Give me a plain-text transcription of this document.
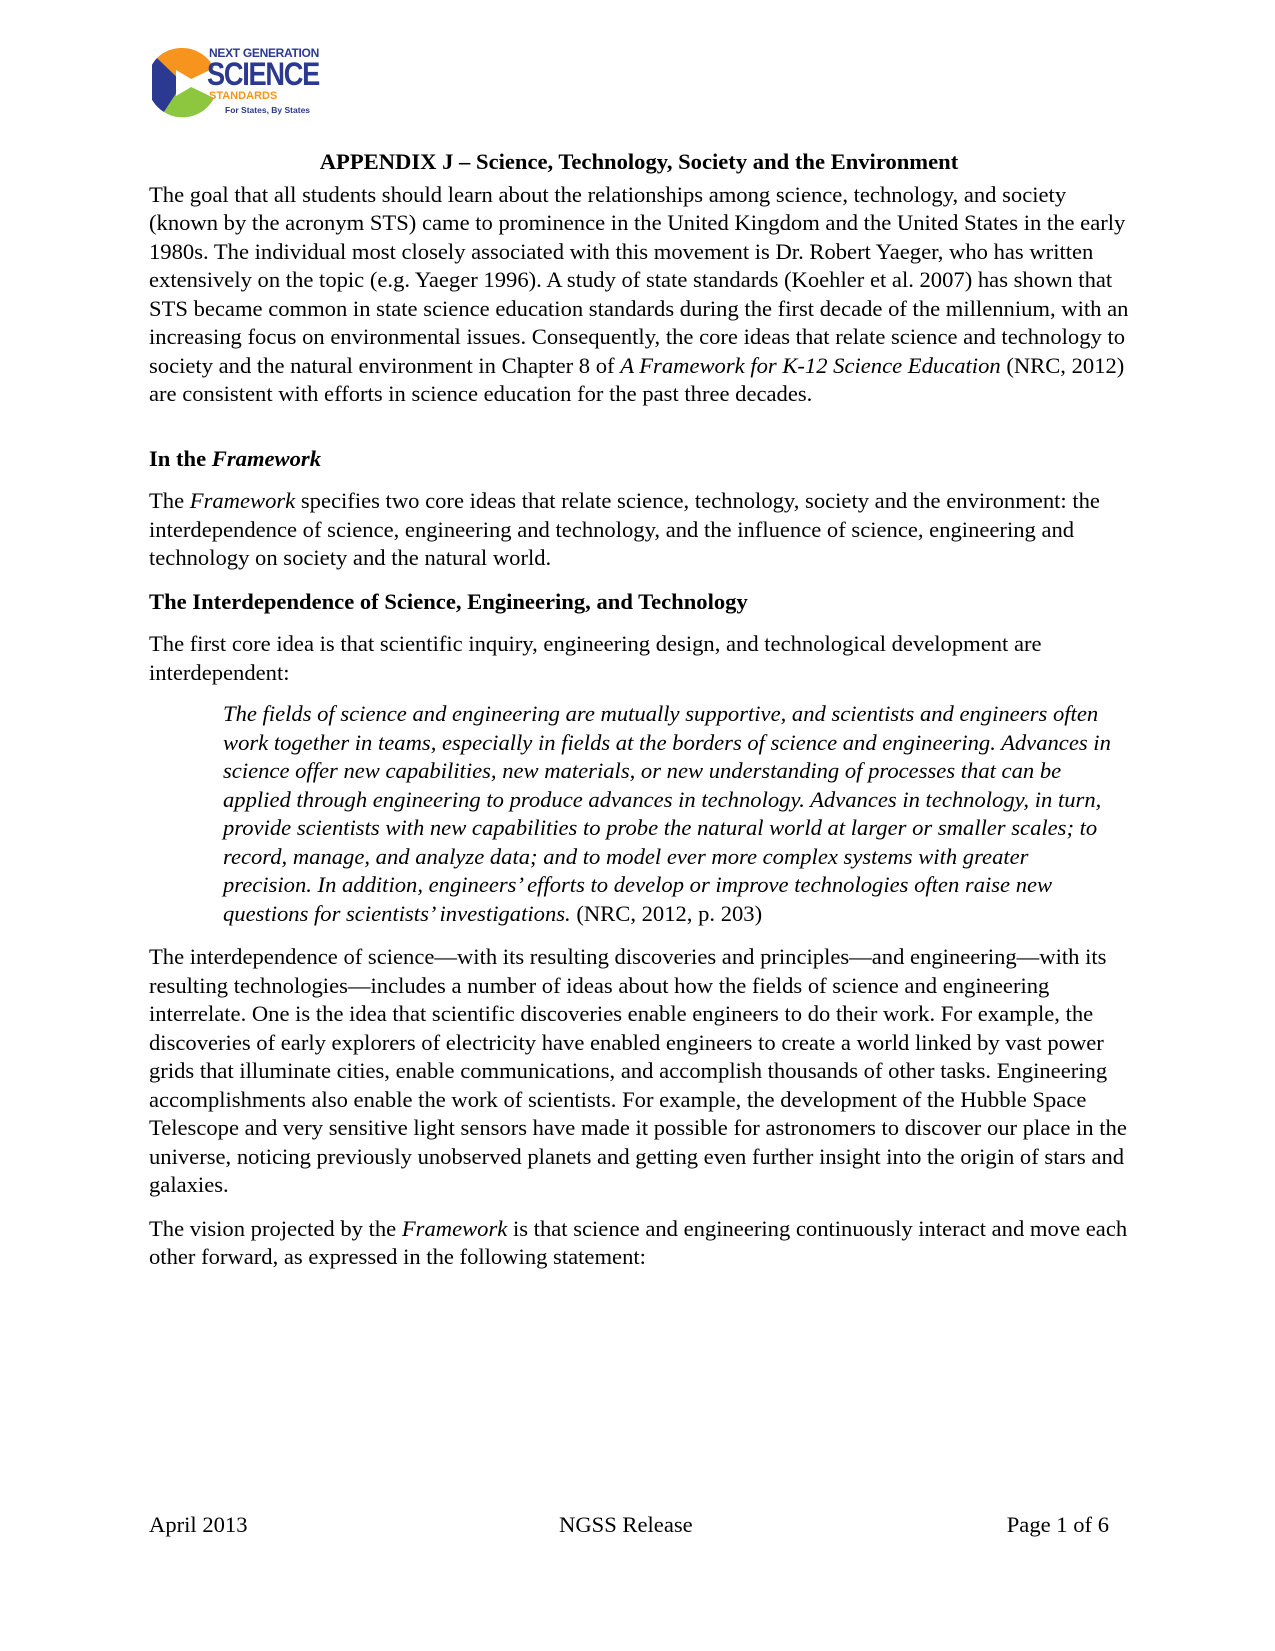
NEXT GENERATION
SCIENCE
STANDARDS
For States, By States

APPENDIX J – Science, Technology, Society and the Environment

The goal that all students should learn about the relationships among science, technology, and society (known by the acronym STS) came to prominence in the United Kingdom and the United States in the early 1980s. The individual most closely associated with this movement is Dr. Robert Yaeger, who has written extensively on the topic (e.g. Yaeger 1996). A study of state standards (Koehler et al. 2007) has shown that STS became common in state science education standards during the first decade of the millennium, with an increasing focus on environmental issues. Consequently, the core ideas that relate science and technology to society and the natural environment in Chapter 8 of A Framework for K-12 Science Education (NRC, 2012) are consistent with efforts in science education for the past three decades.

In the Framework

The Framework specifies two core ideas that relate science, technology, society and the environment: the interdependence of science, engineering and technology, and the influence of science, engineering and technology on society and the natural world.

The Interdependence of Science, Engineering, and Technology

The first core idea is that scientific inquiry, engineering design, and technological development are interdependent:

The fields of science and engineering are mutually supportive, and scientists and engineers often work together in teams, especially in fields at the borders of science and engineering. Advances in science offer new capabilities, new materials, or new understanding of processes that can be applied through engineering to produce advances in technology. Advances in technology, in turn, provide scientists with new capabilities to probe the natural world at larger or smaller scales; to record, manage, and analyze data; and to model ever more complex systems with greater precision. In addition, engineers’ efforts to develop or improve technologies often raise new questions for scientists’ investigations. (NRC, 2012, p. 203)

The interdependence of science—with its resulting discoveries and principles—and engineering—with its resulting technologies—includes a number of ideas about how the fields of science and engineering interrelate. One is the idea that scientific discoveries enable engineers to do their work. For example, the discoveries of early explorers of electricity have enabled engineers to create a world linked by vast power grids that illuminate cities, enable communications, and accomplish thousands of other tasks. Engineering accomplishments also enable the work of scientists. For example, the development of the Hubble Space Telescope and very sensitive light sensors have made it possible for astronomers to discover our place in the universe, noticing previously unobserved planets and getting even further insight into the origin of stars and galaxies.

The vision projected by the Framework is that science and engineering continuously interact and move each other forward, as expressed in the following statement:

April 2013	NGSS Release	Page 1 of 6
